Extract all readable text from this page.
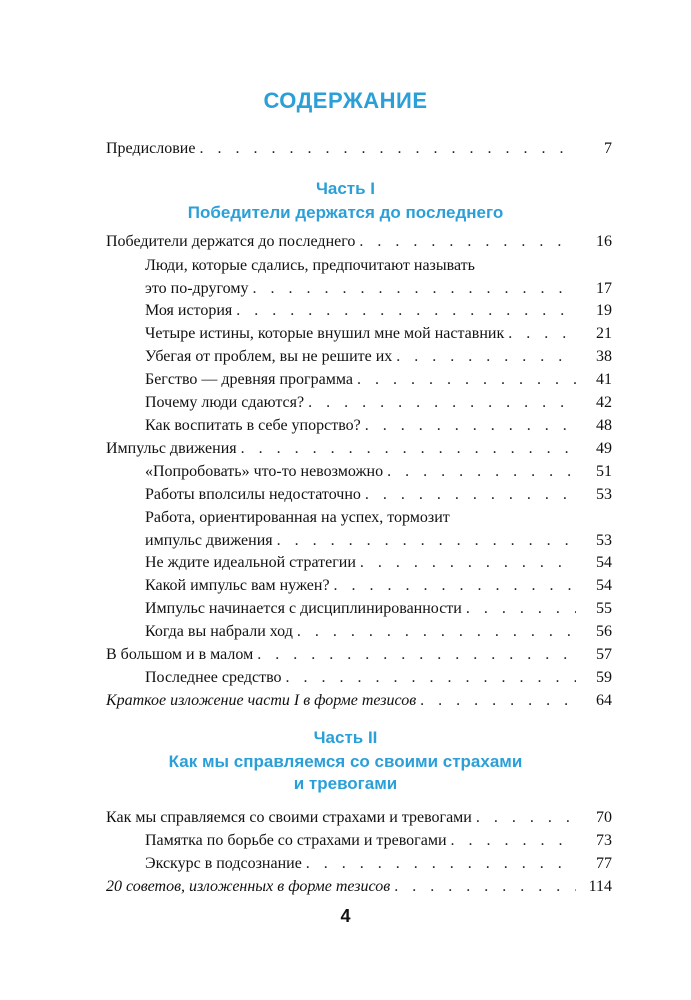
СОДЕРЖАНИЕ
Предисловие . . .	7
Часть I
Победители держатся до последнего
Победители держатся до последнего . . .	16
Люди, которые сдались, предпочитают называть
это по-другому . . .	17
Моя история . . .	19
Четыре истины, которые внушил мне мой наставник . . .	21
Убегая от проблем, вы не решите их . . .	38
Бегство — древняя программа . . .	41
Почему люди сдаются? . . .	42
Как воспитать в себе упорство? . . .	48
Импульс движения . . .	49
«Попробовать» что-то невозможно . . .	51
Работы вполсилы недостаточно . . .	53
Работа, ориентированная на успех, тормозит
импульс движения . . .	53
Не ждите идеальной стратегии . . .	54
Какой импульс вам нужен? . . .	54
Импульс начинается с дисциплинированности . . .	55
Когда вы набрали ход . . .	56
В большом и в малом . . .	57
Последнее средство . . .	59
Краткое изложение части I в форме тезисов . . .	64
Часть II
Как мы справляемся со своими страхами
и тревогами
Как мы справляемся со своими страхами и тревогами . . .	70
Памятка по борьбе со страхами и тревогами . . .	73
Экскурс в подсознание . . .	77
20 советов, изложенных в форме тезисов . . .	114
4
